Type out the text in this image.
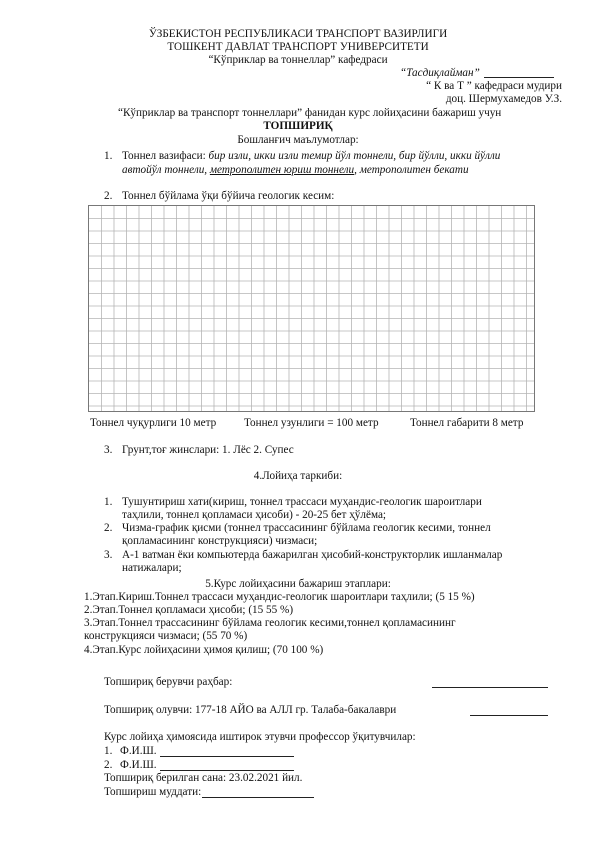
ЎЗБЕКИСТОН РЕСПУБЛИКАСИ ТРАНСПОРТ ВАЗИРЛИГИ
ТОШКЕНТ ДАВЛАТ ТРАНСПОРТ УНИВЕРСИТЕТИ
“Кўприклар ва тоннеллар” кафедраси
“Тасдиқлайман”
“ К ва Т ” кафедраси мудири
доц. Шермухамедов У.З.
“Кўприклар ва транспорт тоннеллари” фанидан курс лойиҳасини бажариш учун
ТОПШИРИҚ
Бошланғич маълумотлар:
1. Тоннел вазифаси: бир изли, икки изли темир йўл тоннели, бир йўлли, икки йўлли
автойўл тоннели, метрополитен юриш тоннели, метрополитен бекати
2. Тоннел бўйлама ўқи бўйича геологик кесим:
Тоннел чуқурлиги 10 метр Тоннел узунлиги = 100 метр	Тоннел габарити 8 метр
3. Грунт,тоғ жинслари: 1. Лёс 2. Супес
4.Лойиҳа таркиби:
1. Тушунтириш хати(кириш, тоннел трассаси муҳандис-геологик шароитлари
таҳлили, тоннел қопламаси ҳисоби) - 20-25 бет ҳўлёма;
2. Чизма-график қисми (тоннел трассасининг бўйлама геологик кесими, тоннел
қопламасининг конструкцияси) чизмаси;
3. А-1 ватман ёки компьютерда бажарилган ҳисобий-конструкторлик ишланмалар
натижалари;
5.Курс лойиҳасини бажариш этаплари:
1.Этап.Кириш.Тоннел трассаси муҳандис-геологик шароитлари таҳлили; (5 15 %)
2.Этап.Тоннел қопламаси ҳисоби; (15 55 %)
3.Этап.Тоннел трассасининг бўйлама геологик кесими,тоннел қопламасининг
конструкцияси чизмаси; (55 70 %)
4.Этап.Курс лойиҳасини ҳимоя қилиш; (70 100 %)
Топшириқ берувчи раҳбар:
Топшириқ олувчи: 177-18 АЙО ва АЛЛ гр. Талаба-бакалаври
Курс лойиҳа ҳимоясида иштирок этувчи профессор ўқитувчилар:
1. Ф.И.Ш.
2. Ф.И.Ш.
Топшириқ берилган сана: 23.02.2021 йил.
Топшириш муддати:
